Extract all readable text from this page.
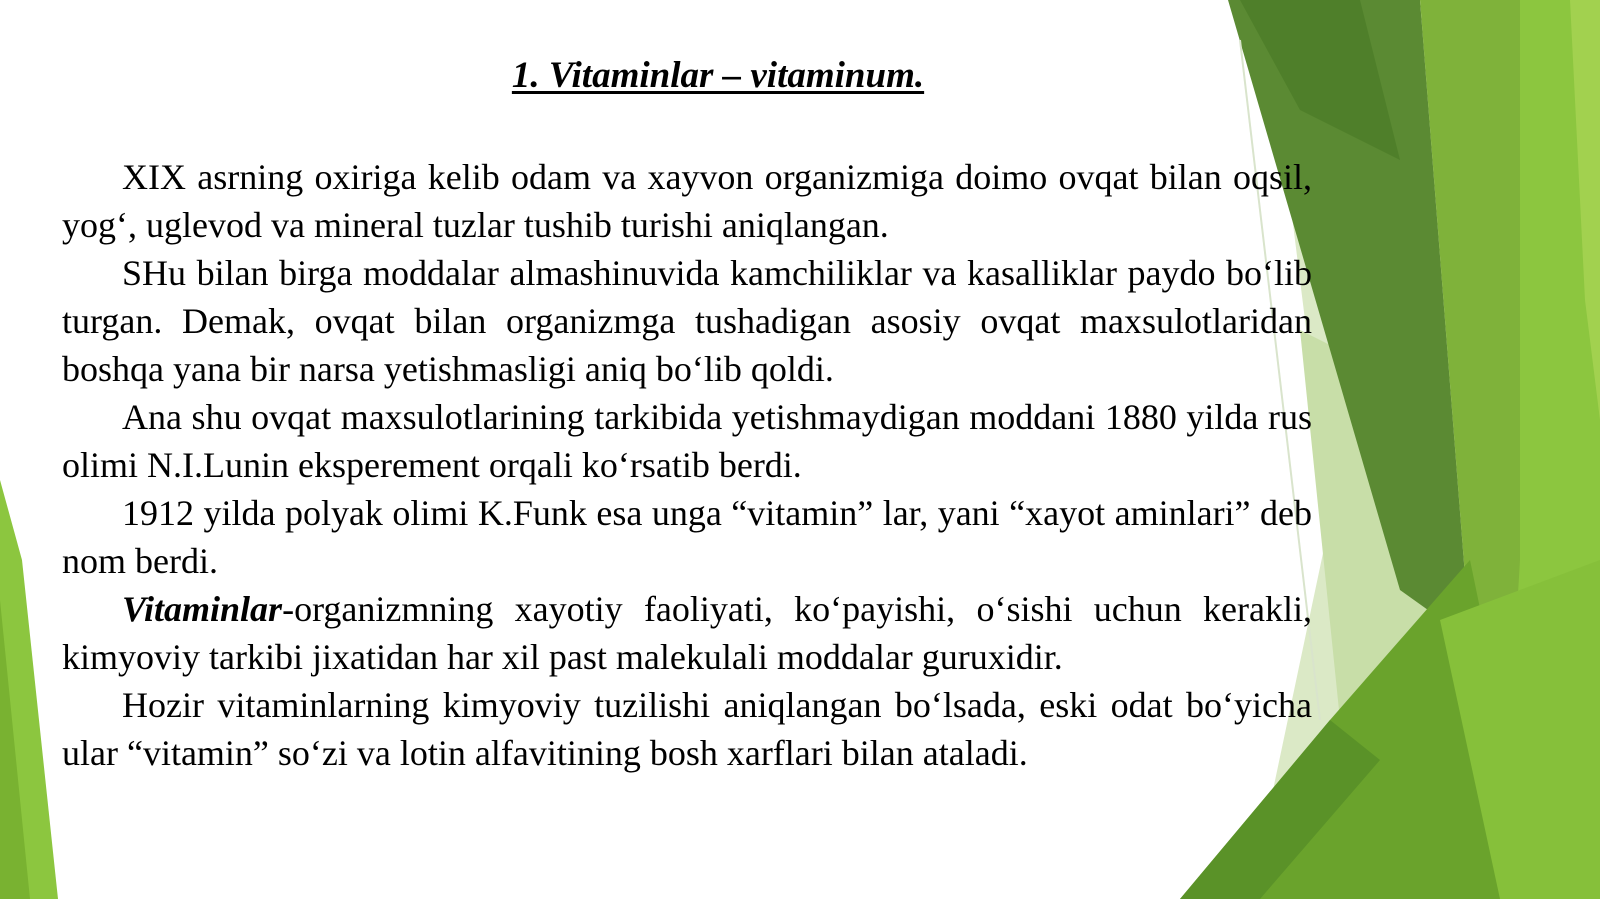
1. Vitaminlar – vitaminum.

XIX asrning oxiriga kelib odam va xayvon organizmiga doimo ovqat bilan oqsil, yog‘, uglevod va mineral tuzlar tushib turishi aniqlangan.

SHu bilan birga moddalar almashinuvida kamchiliklar va kasalliklar paydo bo‘lib turgan. Demak, ovqat bilan organizmga tushadigan asosiy ovqat maxsulotlaridan boshqa yana bir narsa yetishmasligi aniq bo‘lib qoldi.

Ana shu ovqat maxsulotlarining tarkibida yetishmaydigan moddani 1880 yilda rus olimi N.I.Lunin eksperement orqali ko‘rsatib berdi.

1912 yilda polyak olimi K.Funk esa unga “vitamin” lar, yani “xayot aminlari” deb nom berdi.

Vitaminlar-organizmning xayotiy faoliyati, ko‘payishi, o‘sishi uchun kerakli, kimyoviy tarkibi jixatidan har xil past malekulali moddalar guruxidir.

Hozir vitaminlarning kimyoviy tuzilishi aniqlangan bo‘lsada, eski odat bo‘yicha ular “vitamin” so‘zi va lotin alfavitining bosh xarflari bilan ataladi.
